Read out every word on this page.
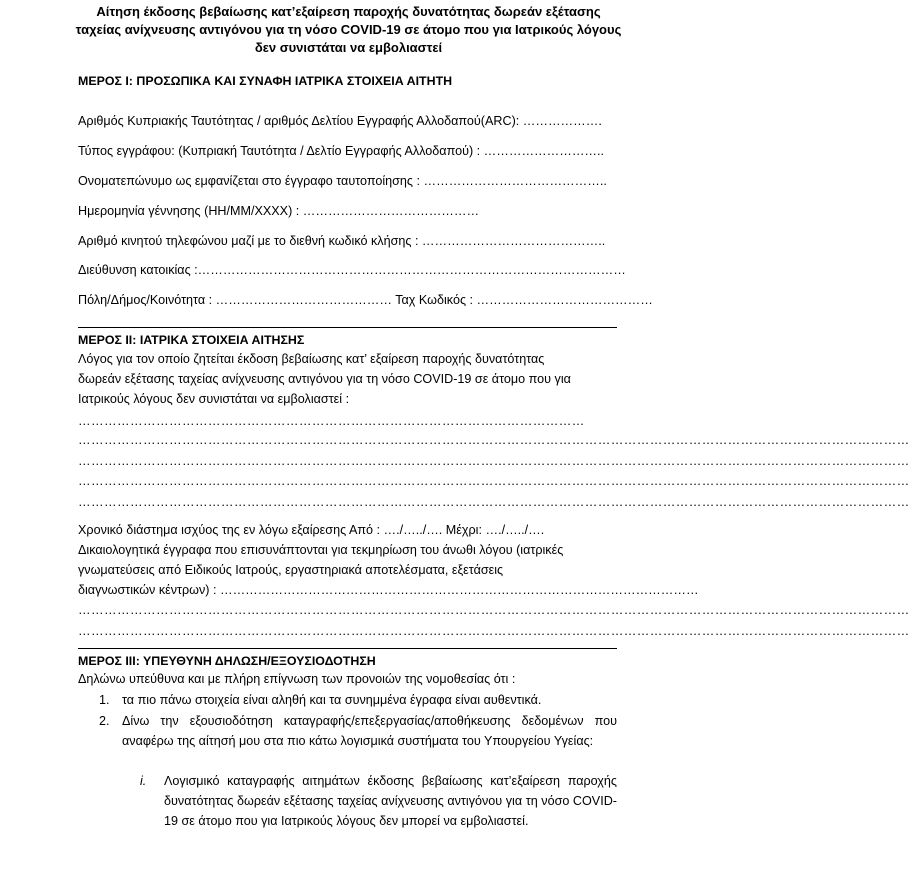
Αίτηση έκδοσης βεβαίωσης κατ’εξαίρεση παροχής δυνατότητας δωρεάν εξέτασης
ταχείας ανίχνευσης αντιγόνου για τη νόσο COVID-19 σε άτομο που για Ιατρικούς λόγους
δεν συνιστάται να εμβολιαστεί
ΜΕΡΟΣ Ι: ΠΡΟΣΩΠΙΚΑ ΚΑΙ ΣΥΝΑΦΗ ΙΑΤΡΙΚΑ ΣΤΟΙΧΕΙΑ ΑΙΤΗΤΗ
Αριθμός Κυπριακής Ταυτότητας / αριθμός Δελτίου Εγγραφής Αλλοδαπού(ARC): ……………….
Τύπος εγγράφου: (Κυπριακή Ταυτότητα / Δελτίο Εγγραφής Αλλοδαπού) : ………………………..
Ονοματεπώνυμο ως εμφανίζεται στο έγγραφο ταυτοποίησης : ……………………………………..
Ημερομηνία γέννησης (ΗΗ/ΜΜ/ΧΧΧΧ) : ……………………………………
Αριθμό κινητού τηλεφώνου μαζί με το διεθνή κωδικό κλήσης : ……………………………………..
Διεύθυνση κατοικίας :…………………………………………………………………………………………
Πόλη/Δήμος/Κοινότητα : …………………………………… Ταχ Κωδικός : ……………………………………
ΜΕΡΟΣ ΙΙ: ΙΑΤΡΙΚΑ ΣΤΟΙΧΕΙΑ ΑΙΤΗΣΗΣ
Λόγος για τον οποίο ζητείται έκδοση βεβαίωσης κατ’ εξαίρεση παροχής δυνατότητας
δωρεάν εξέτασης ταχείας ανίχνευσης αντιγόνου για τη νόσο COVID-19 σε άτομο που για
Ιατρικούς λόγους δεν συνιστάται να εμβολιαστεί :
………………………………………………………………………………………………………
…………………………………………………………………………………………………………………………………………………………………………
…………………………………………………………………………………………………………………………………………………………………………
…………………………………………………………………………………………………………………………………………………………………………
…………………………………………………………………………………………………………………………………………………………………………
Χρονικό διάστημα ισχύος της εν λόγω εξαίρεσης Από : …./…../…. Μέχρι: …./…../….
Δικαιολογητικά έγγραφα που επισυνάπτονται για τεκμηρίωση του άνωθι λόγου (ιατρικές
γνωματεύσεις από Ειδικούς Ιατρούς, εργαστηριακά αποτελέσματα, εξετάσεις
διαγνωστικών κέντρων) : ……………………………………………………………………………………………………
…………………………………………………………………………………………………………………………………………………………………………
…………………………………………………………………………………………………………………………………………………………………………
ΜΕΡΟΣ ΙΙΙ: ΥΠΕΥΘΥΝΗ ΔΗΛΩΣΗ/ΕΞΟΥΣΙΟΔΟΤΗΣΗ
Δηλώνω υπεύθυνα και με πλήρη επίγνωση των προνοιών της νομοθεσίας ότι :
1. τα πιο πάνω στοιχεία είναι αληθή και τα συνημμένα έγραφα είναι αυθεντικά.
2. Δίνω την εξουσιοδότηση καταγραφής/επεξεργασίας/αποθήκευσης δεδομένων που αναφέρω της αίτησή μου στα πιο κάτω λογισμικά συστήματα του Υπουργείου Υγείας:
i. Λογισμικό καταγραφής αιτημάτων έκδοσης βεβαίωσης κατ’εξαίρεση παροχής δυνατότητας δωρεάν εξέτασης ταχείας ανίχνευσης αντιγόνου για τη νόσο COVID-19 σε άτομο που για Ιατρικούς λόγους δεν μπορεί να εμβολιαστεί.
